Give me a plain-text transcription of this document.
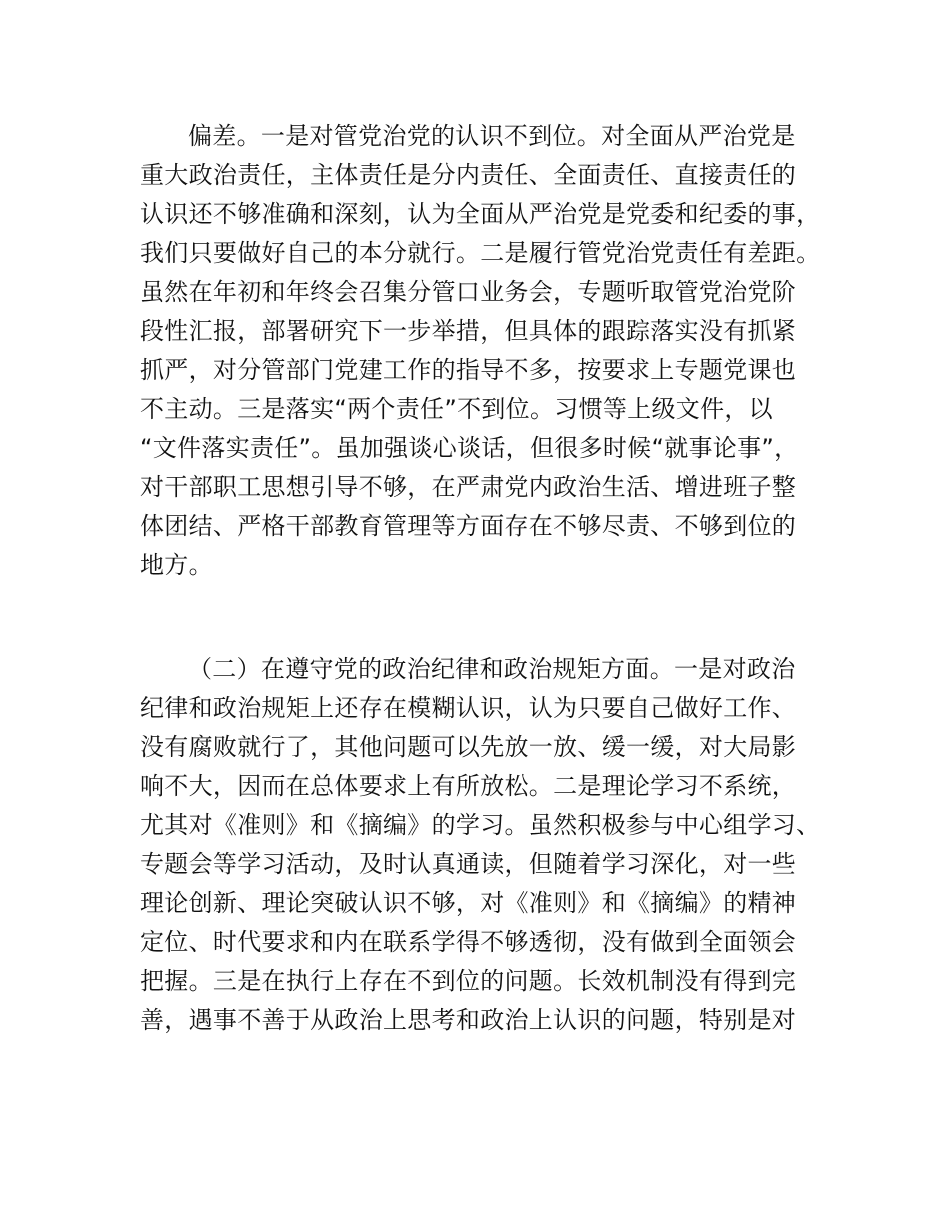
偏差。一是对管党治党的认识不到位。对全面从严治党是
重大政治责任，主体责任是分内责任、全面责任、直接责任的
认识还不够准确和深刻，认为全面从严治党是党委和纪委的事，
我们只要做好自己的本分就行。二是履行管党治党责任有差距。
虽然在年初和年终会召集分管口业务会，专题听取管党治党阶
段性汇报，部署研究下一步举措，但具体的跟踪落实没有抓紧
抓严，对分管部门党建工作的指导不多，按要求上专题党课也
不主动。三是落实“两个责任”不到位。习惯等上级文件，以
“文件落实责任”。虽加强谈心谈话，但很多时候“就事论事”，
对干部职工思想引导不够，在严肃党内政治生活、增进班子整
体团结、严格干部教育管理等方面存在不够尽责、不够到位的
地方。
（二）在遵守党的政治纪律和政治规矩方面。一是对政治
纪律和政治规矩上还存在模糊认识，认为只要自己做好工作、
没有腐败就行了，其他问题可以先放一放、缓一缓，对大局影
响不大，因而在总体要求上有所放松。二是理论学习不系统，
尤其对《准则》和《摘编》的学习。虽然积极参与中心组学习、
专题会等学习活动，及时认真通读，但随着学习深化，对一些
理论创新、理论突破认识不够，对《准则》和《摘编》的精神
定位、时代要求和内在联系学得不够透彻，没有做到全面领会
把握。三是在执行上存在不到位的问题。长效机制没有得到完
善，遇事不善于从政治上思考和政治上认识的问题，特别是对
